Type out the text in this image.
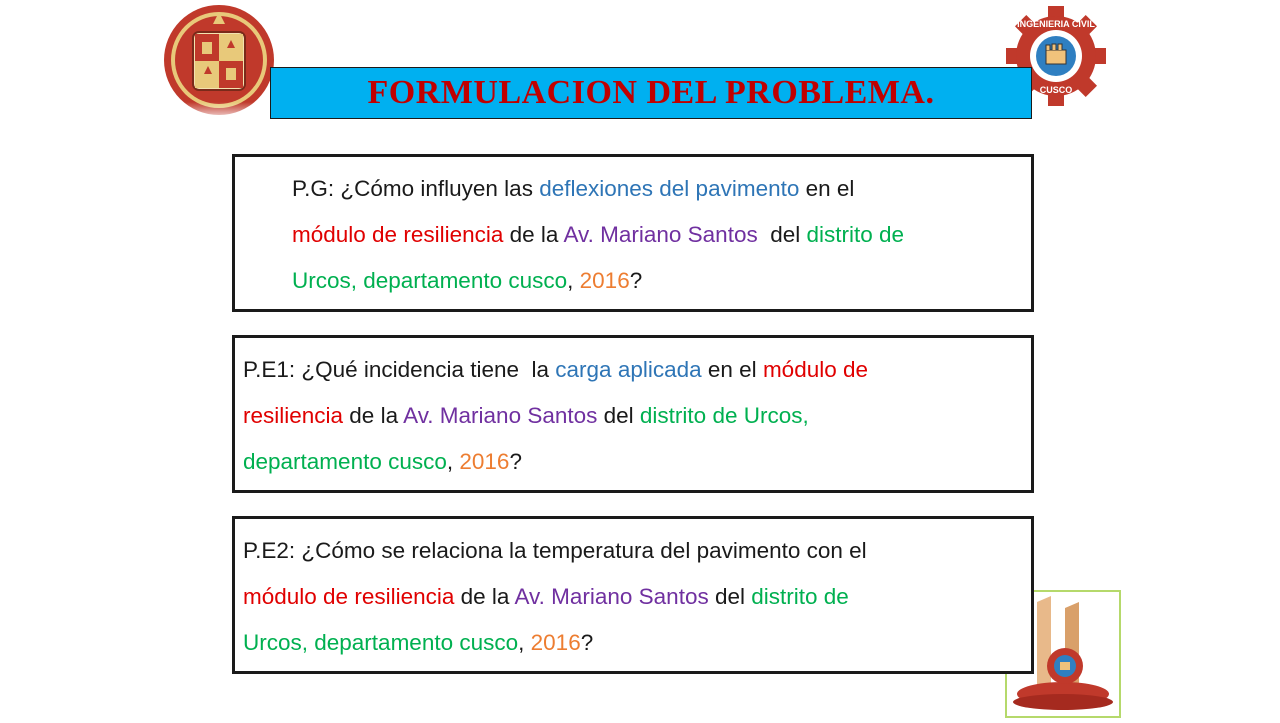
INGENIERIA CIVIL
CUSCO
FORMULACION DEL PROBLEMA.
P.G: ¿Cómo influyen las deflexiones del pavimento en el
módulo de resiliencia de la Av. Mariano Santos  del distrito de
Urcos, departamento cusco, 2016?
P.E1: ¿Qué incidencia tiene  la carga aplicada en el módulo de
resiliencia de la Av. Mariano Santos del distrito de Urcos,
departamento cusco, 2016?
P.E2: ¿Cómo se relaciona la temperatura del pavimento con el
módulo de resiliencia de la Av. Mariano Santos del distrito de
Urcos, departamento cusco, 2016?
